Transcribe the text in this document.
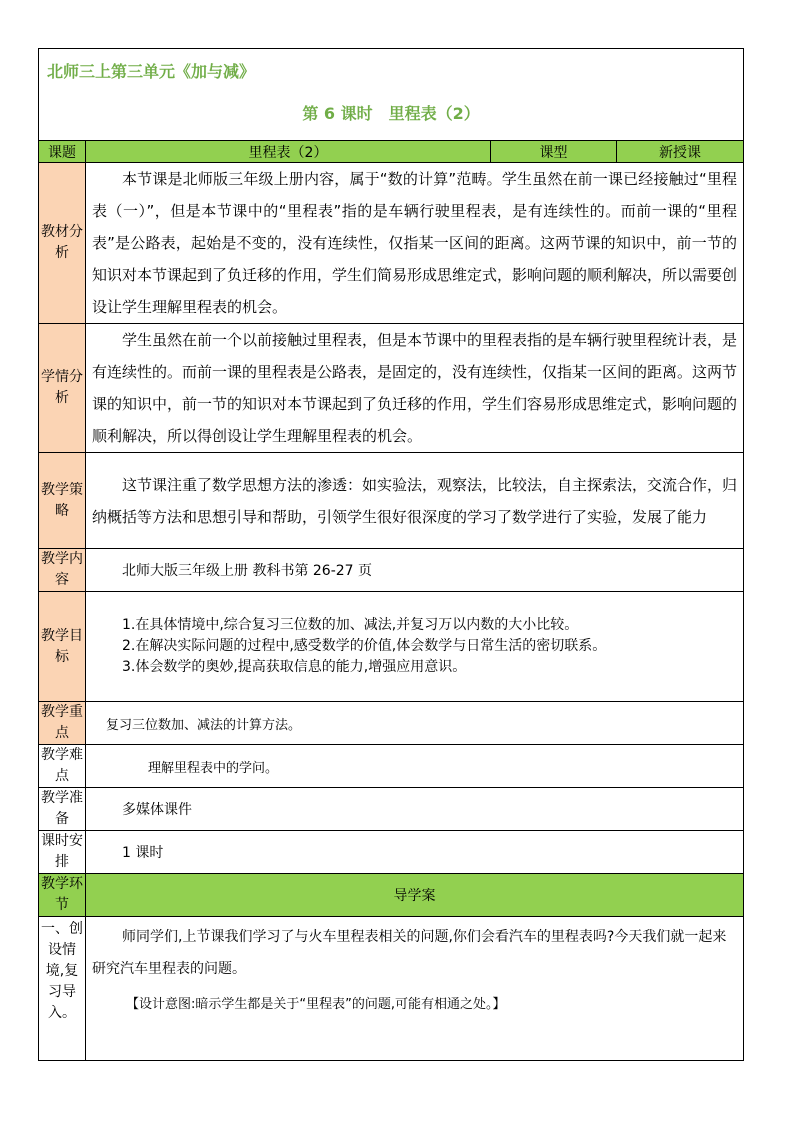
北师三上第三单元《加与减》			
第 6 课时　里程表（2）			
课题	里程表（2）	课型	新授课
教材分析	本节课是北师版三年级上册内容，属于“数的计算”范畴。学生虽然在前一课已经接触过“里程表（一）”，但是本节课中的“里程表”指的是车辆行驶里程表，是有连续性的。而前一课的“里程表”是公路表，起始是不变的，没有连续性，仅指某一区间的距离。这两节课的知识中，前一节的知识对本节课起到了负迁移的作用，学生们简易形成思维定式，影响问题的顺利解决，所以需要创设让学生理解里程表的机会。		
学情分析	学生虽然在前一个以前接触过里程表，但是本节课中的里程表指的是车辆行驶里程统计表，是有连续性的。而前一课的里程表是公路表，是固定的，没有连续性，仅指某一区间的距离。这两节课的知识中，前一节的知识对本节课起到了负迁移的作用，学生们容易形成思维定式，影响问题的顺利解决，所以得创设让学生理解里程表的机会。		
教学策略	这节课注重了数学思想方法的渗透：如实验法，观察法，比较法，自主探索法，交流合作，归纳概括等方法和思想引导和帮助，引领学生很好很深度的学习了数学进行了实验，发展了能力		
教学内容	北师大版三年级上册 教科书第 26-27 页		
教学目标	1.在具体情境中,综合复习三位数的加、减法,并复习万以内数的大小比较。
2.在解决实际问题的过程中,感受数学的价值,体会数学与日常生活的密切联系。
3.体会数学的奥妙,提高获取信息的能力,增强应用意识。		

教学重点	复习三位数加、减法的计算方法。		
教学难点	理解里程表中的学问。		
教学准备	多媒体课件		
课时安排	1 课时		
教学环节	导学案		
一、创设情境,复习导入。	师同学们,上节课我们学习了与火车里程表相关的问题,你们会看汽车的里程表吗?今天我们就一起来研究汽车里程表的问题。

【设计意图:暗示学生都是关于“里程表”的问题,可能有相通之处。】		
